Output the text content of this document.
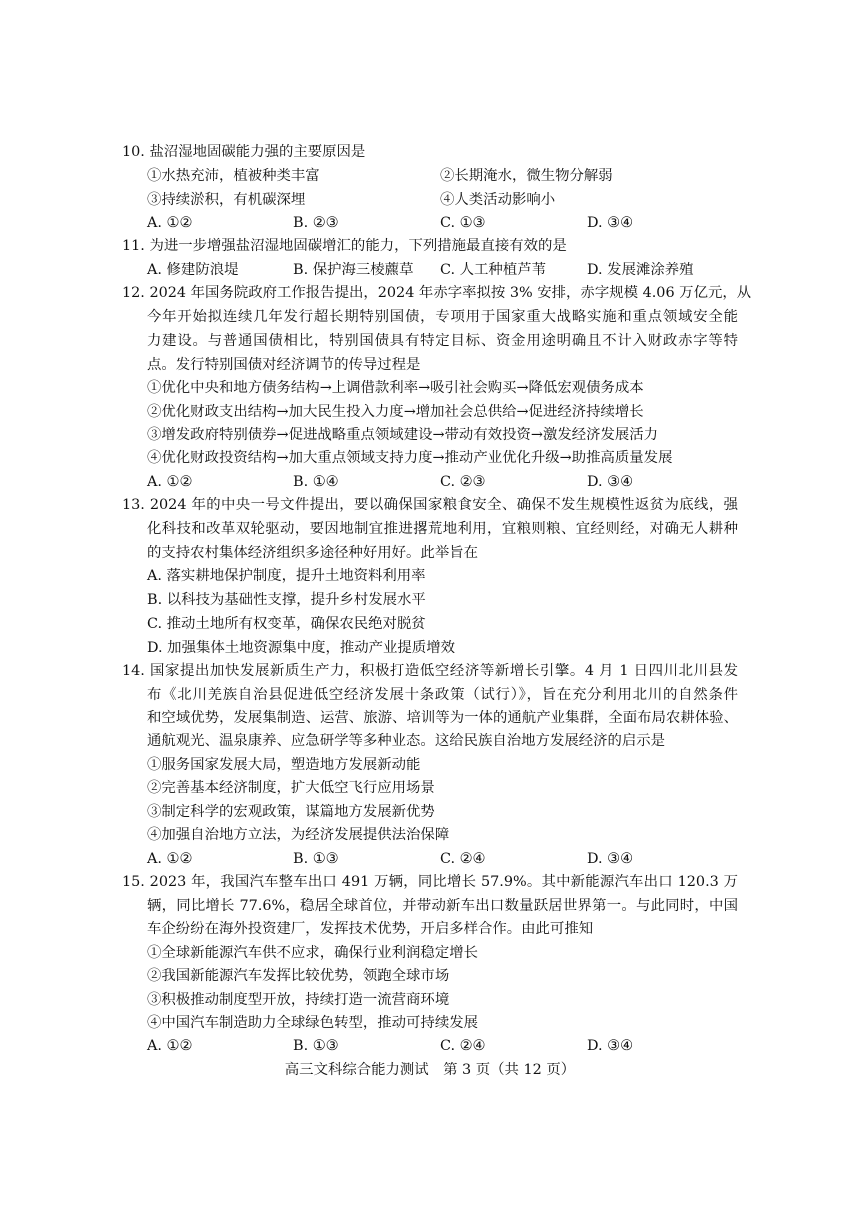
10. 盐沼湿地固碳能力强的主要原因是
①水热充沛，植被种类丰富	②长期淹水，微生物分解弱
③持续淤积，有机碳深埋	④人类活动影响小
A. ①②	B. ②③	C. ①③	D. ③④
11. 为进一步增强盐沼湿地固碳增汇的能力，下列措施最直接有效的是
A. 修建防浪堤	B. 保护海三棱藨草 C. 人工种植芦苇	D. 发展滩涂养殖
12. 2024 年国务院政府工作报告提出，2024 年赤字率拟按 3% 安排，赤字规模 4.06 万亿元，从
今年开始拟连续几年发行超长期特别国债，专项用于国家重大战略实施和重点领域安全能
力建设。与普通国债相比，特别国债具有特定目标、资金用途明确且不计入财政赤字等特
点。发行特别国债对经济调节的传导过程是
①优化中央和地方债务结构→上调借款利率→吸引社会购买→降低宏观债务成本
②优化财政支出结构→加大民生投入力度→增加社会总供给→促进经济持续增长
③增发政府特别债券→促进战略重点领域建设→带动有效投资→激发经济发展活力
④优化财政投资结构→加大重点领域支持力度→推动产业优化升级→助推高质量发展
A. ①②	B. ①④	C. ②③	D. ③④
13. 2024 年的中央一号文件提出，要以确保国家粮食安全、确保不发生规模性返贫为底线，强
化科技和改革双轮驱动，要因地制宜推进撂荒地利用，宜粮则粮、宜经则经，对确无人耕种
的支持农村集体经济组织多途径种好用好。此举旨在
A. 落实耕地保护制度，提升土地资料利用率
B. 以科技为基础性支撑，提升乡村发展水平
C. 推动土地所有权变革，确保农民绝对脱贫
D. 加强集体土地资源集中度，推动产业提质增效
14. 国家提出加快发展新质生产力，积极打造低空经济等新增长引擎。4 月 1 日四川北川县发
布《北川羌族自治县促进低空经济发展十条政策（试行）》，旨在充分利用北川的自然条件
和空域优势，发展集制造、运营、旅游、培训等为一体的通航产业集群，全面布局农耕体验、
通航观光、温泉康养、应急研学等多种业态。这给民族自治地方发展经济的启示是
①服务国家发展大局，塑造地方发展新动能
②完善基本经济制度，扩大低空飞行应用场景
③制定科学的宏观政策，谋篇地方发展新优势
④加强自治地方立法，为经济发展提供法治保障
A. ①②	B. ①③	C. ②④	D. ③④
15. 2023 年，我国汽车整车出口 491 万辆，同比增长 57.9%。其中新能源汽车出口 120.3 万
辆，同比增长 77.6%，稳居全球首位，并带动新车出口数量跃居世界第一。与此同时，中国
车企纷纷在海外投资建厂，发挥技术优势，开启多样合作。由此可推知
①全球新能源汽车供不应求，确保行业利润稳定增长
②我国新能源汽车发挥比较优势，领跑全球市场
③积极推动制度型开放，持续打造一流营商环境
④中国汽车制造助力全球绿色转型，推动可持续发展
A. ①②	B. ①③	C. ②④	D. ③④
高三文科综合能力测试　第 3 页（共 12 页）
